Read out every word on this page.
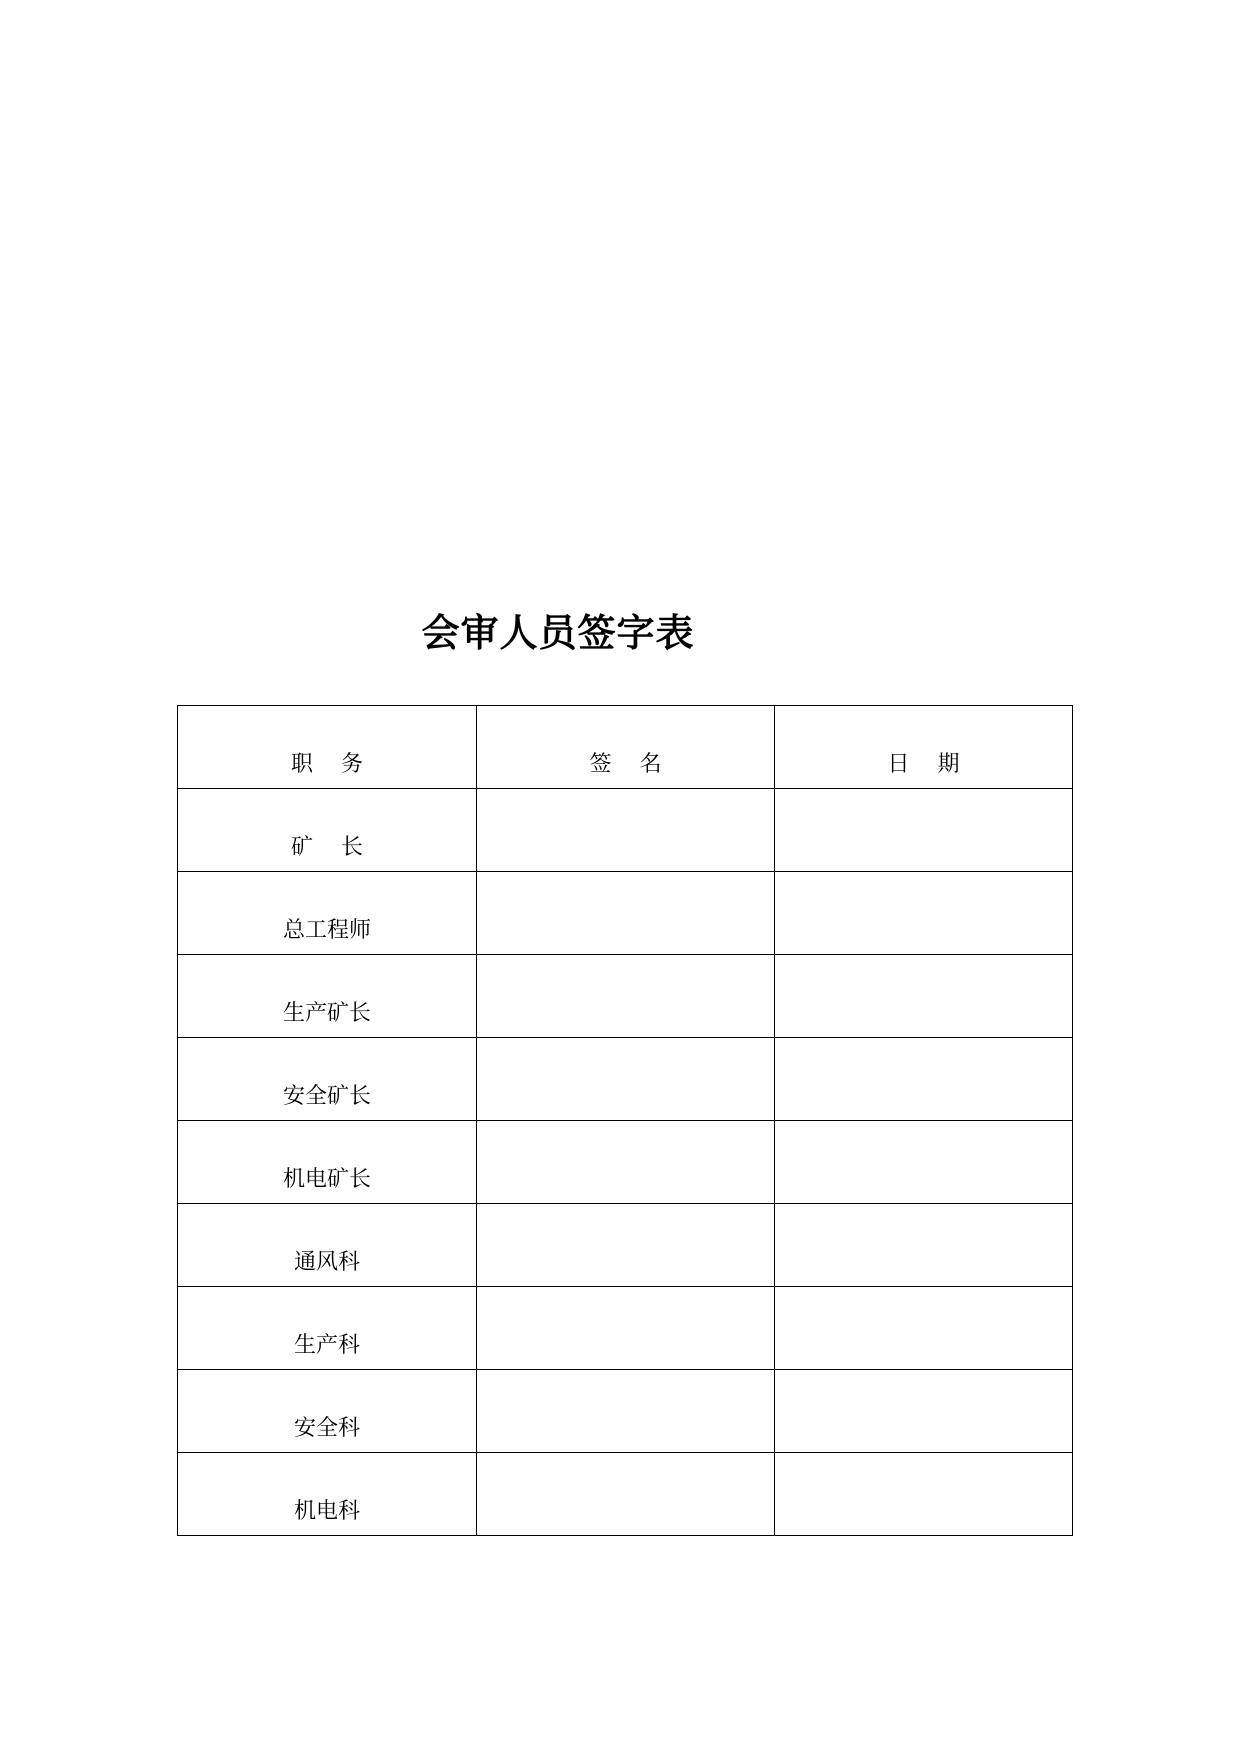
会审人员签字表
职    务	签    名	日    期
矿    长		
总工程师		
生产矿长		
安全矿长		
机电矿长		
通风科		
生产科		
安全科		
机电科		
